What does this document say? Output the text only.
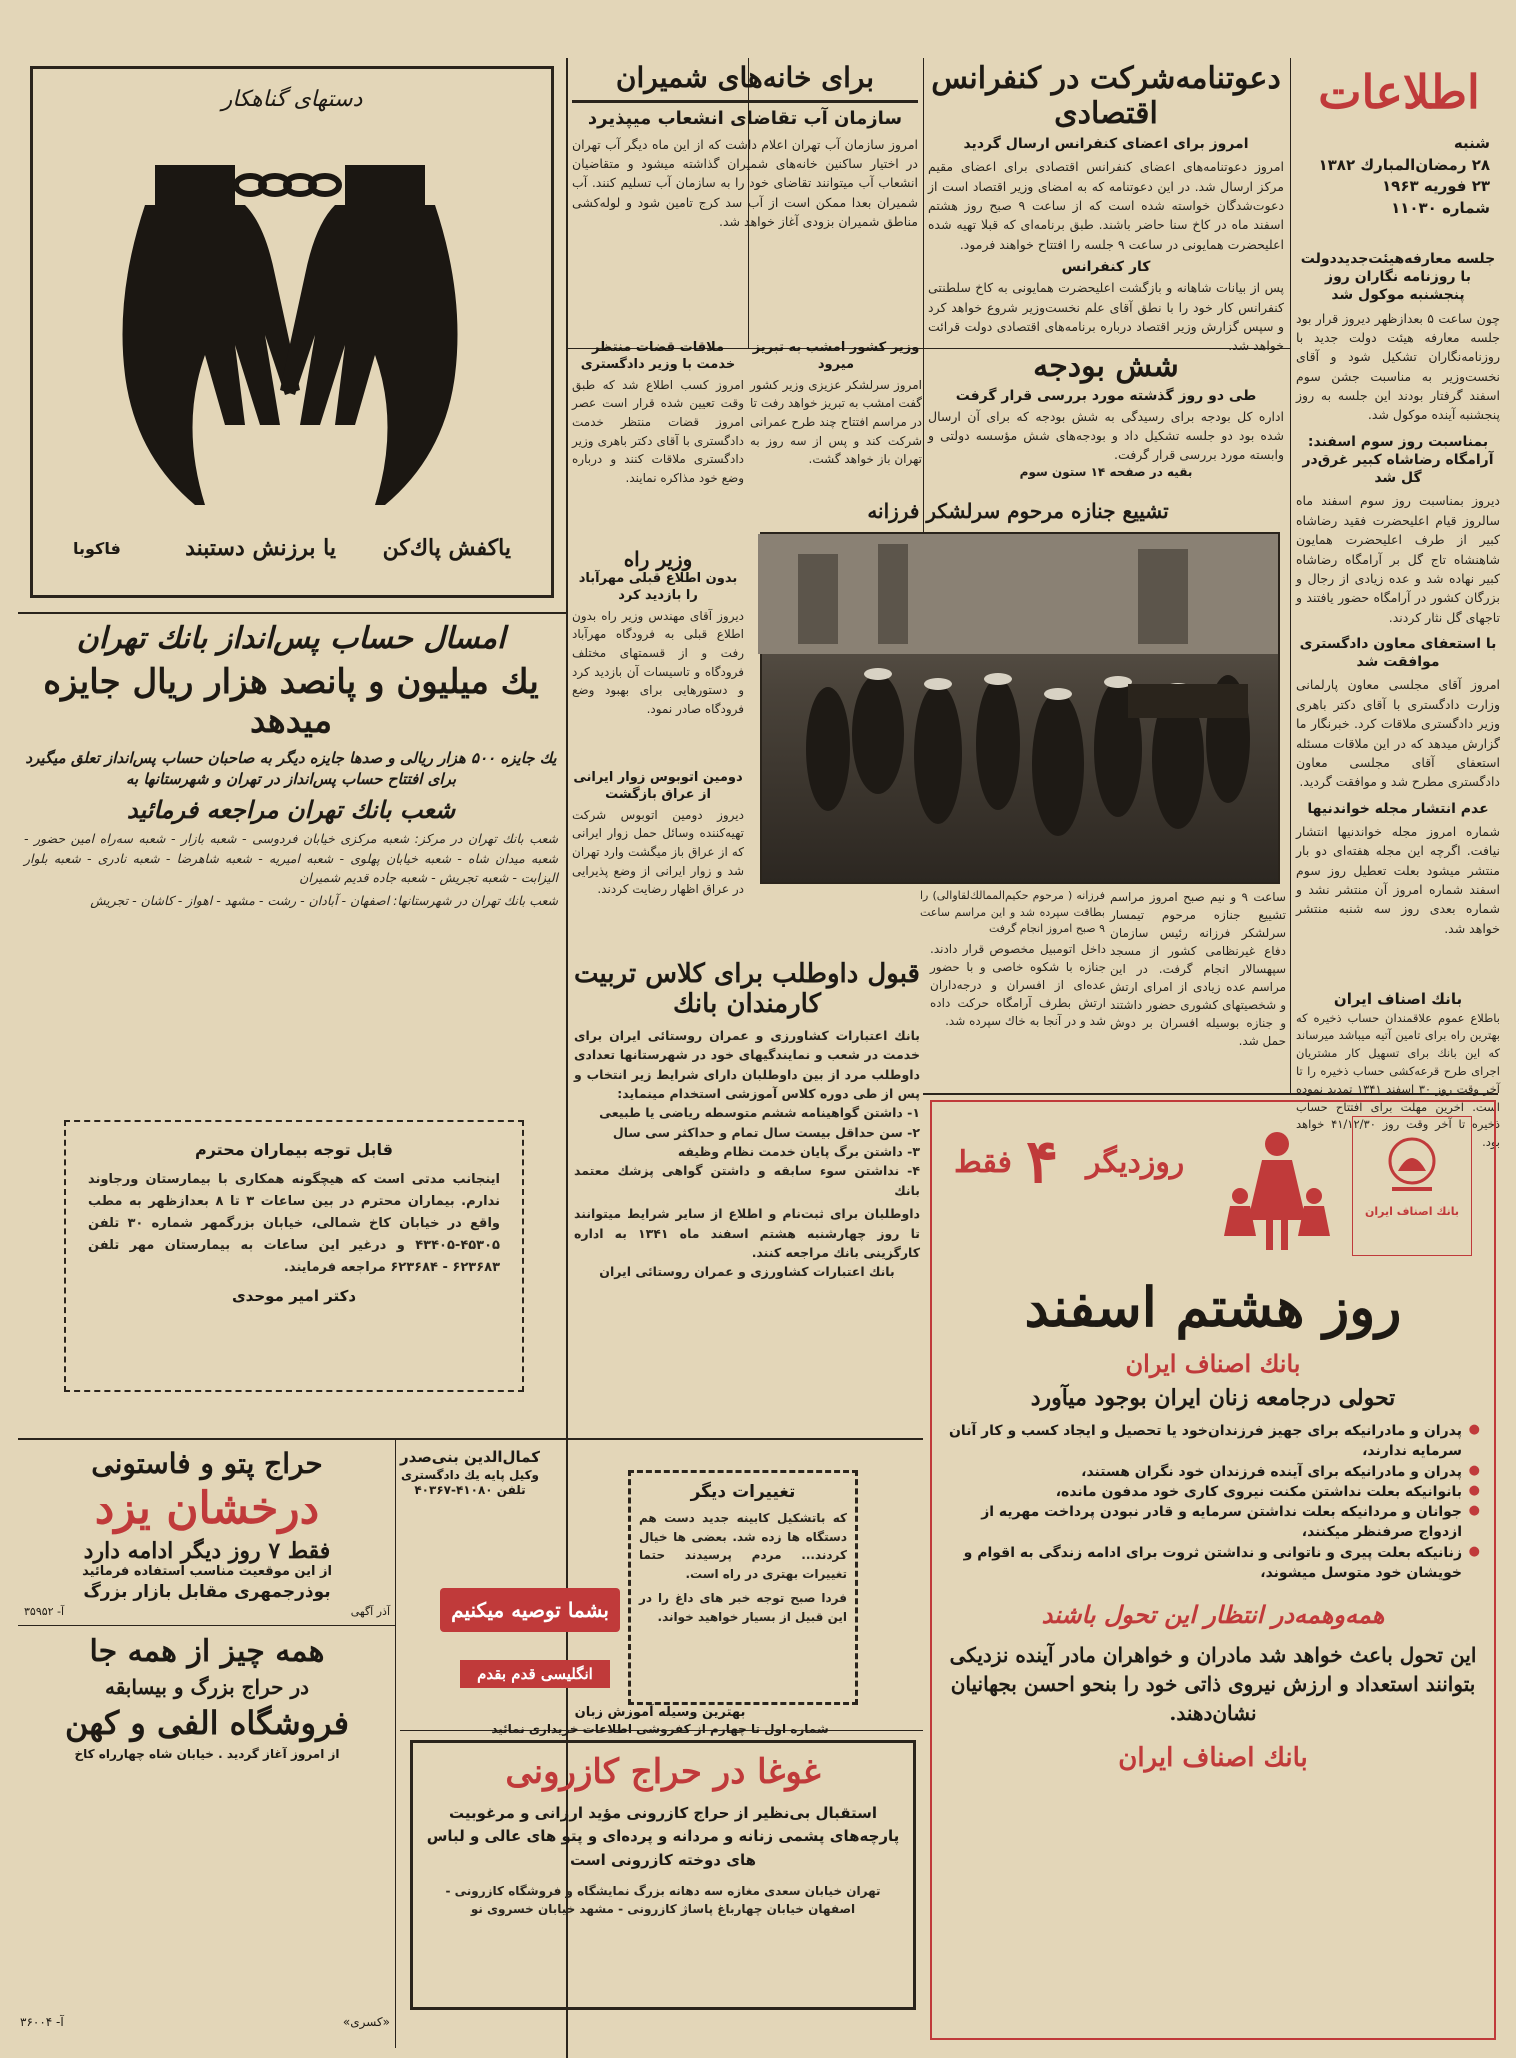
اطلاعات
شنبه
۲۸ رمضان‌المبارك ۱۳۸۲
۲۳ فوریه ۱۹۶۳
شماره ۱۱۰۳۰
جلسه معارفه‌هیئت‌جدیددولت با روزنامه نگاران روز پنجشنبه موكول شد
چون ساعت ۵ بعدازظهر دیروز قرار بود جلسه معارفه هیئت دولت جدید با روزنامه‌نگاران تشكیل شود و آقای نخست‌وزیر به مناسبت جشن سوم اسفند گرفتار بودند این جلسه به روز پنجشنبه آینده موكول شد.
بمناسبت روز سوم اسفند: آرامگاه رضاشاه كبیر غرق‌در گل شد
دیروز بمناسبت روز سوم اسفند ماه سالروز قیام اعلیحضرت فقید رضاشاه كبیر از طرف اعلیحضرت همایون شاهنشاه تاج گل بر آرامگاه رضاشاه كبیر نهاده شد و عده زیادی از رجال و بزرگان كشور در آرامگاه حضور یافتند و تاجهای گل نثار كردند.
با استعفای معاون دادگستری موافقت شد
امروز آقای مجلسی معاون پارلمانی وزارت دادگستری با آقای دكتر باهری وزیر دادگستری ملاقات كرد. خبرنگار ما گزارش میدهد كه در این ملاقات مسئله استعفای آقای مجلسی معاون دادگستری مطرح شد و موافقت گردید.
عدم انتشار مجله خواندنیها
شماره امروز مجله خواندنیها انتشار نیافت. اگرچه این مجله هفته‌ای دو بار منتشر میشود بعلت تعطیل روز سوم اسفند شماره امروز آن منتشر نشد و شماره بعدی روز سه شنبه منتشر خواهد شد.
دعوتنامه‌شركت در كنفرانس اقتصادی
امروز برای اعضای كنفرانس ارسال گردید
امروز دعوتنامه‌های اعضای كنفرانس اقتصادی برای اعضای مقیم مركز ارسال شد. در این دعوتنامه كه به امضای وزیر اقتصاد است از دعوت‌شدگان خواسته شده است كه از ساعت ۹ صبح روز هشتم اسفند ماه در كاخ سنا حاضر باشند. طبق برنامه‌ای كه قبلا تهیه شده اعلیحضرت همایونی در ساعت ۹ جلسه را افتتاح خواهند فرمود.
كار كنفرانس
پس از بیانات شاهانه و بازگشت اعلیحضرت همایونی به كاخ سلطنتی كنفرانس كار خود را با نطق آقای علم نخست‌وزیر شروع خواهد كرد و سپس گزارش وزیر اقتصاد درباره برنامه‌های اقتصادی دولت قرائت خواهد شد.
شش بودجه
طی دو روز گذشته مورد بررسی قرار گرفت
اداره كل بودجه برای رسیدگی به شش بودجه كه برای آن ارسال شده بود دو جلسه تشكیل داد و بودجه‌های شش مؤسسه دولتی و وابسته مورد بررسی قرار گرفت.
بقیه در صفحه ۱۴ ستون سوم
برای خانه‌های شمیران
سازمان آب تقاضای انشعاب میپذیرد
امروز سازمان آب تهران اعلام داشت كه از این ماه دیگر آب تهران در اختیار ساكنین خانه‌های شمیران گذاشته میشود و متقاضیان انشعاب آب میتوانند تقاضای خود را به سازمان آب تسلیم كنند. آب شمیران بعدا ممكن است از آب سد كرج تامین شود و لوله‌كشی مناطق شمیران بزودی آغاز خواهد شد.
وزیر كشور امشب به تبریز میرود
امروز سرلشكر عزیزی وزیر كشور گفت امشب به تبریز خواهد رفت تا در مراسم افتتاح چند طرح عمرانی شركت كند و پس از سه روز به تهران باز خواهد گشت.
ملاقات قضات منتظر خدمت با وزیر دادگستری
امروز كسب اطلاع شد كه طبق وقت تعیین شده قرار است عصر امروز قضات منتظر خدمت دادگستری با آقای دكتر باهری وزیر دادگستری ملاقات كنند و درباره وضع خود مذاكره نمایند.
وزیر راه
بدون اطلاع قبلی مهرآباد را بازدید كرد
دیروز آقای مهندس وزیر راه بدون اطلاع قبلی به فرودگاه مهرآباد رفت و از قسمتهای مختلف فرودگاه و تاسیسات آن بازدید كرد و دستورهایی برای بهبود وضع فرودگاه صادر نمود.
دومین اتوبوس زوار ایرانی از عراق بازگشت
دیروز دومین اتوبوس شركت تهیه‌كننده وسائل حمل زوار ایرانی كه از عراق باز میگشت وارد تهران شد و زوار ایرانی از وضع پذیرایی در عراق اظهار رضایت كردند.
تشییع جنازه مرحوم سرلشكر فرزانه
فرزانه ( مرحوم حكیم‌الممالك‌لقاوالی) را بطاقت سپرده شد و این مراسم ساعت ۹ صبح امروز انجام گرفت
ساعت ۹ و نیم صبح امروز مراسم تشییع جنازه مرحوم تیمسار سرلشكر فرزانه رئیس سازمان دفاع غیرنظامی كشور از مسجد سپهسالار انجام گرفت. در این مراسم عده زیادی از امرای ارتش و شخصیتهای كشوری حضور داشتند و جنازه بوسیله افسران بر دوش حمل شد.
داخل اتومبیل مخصوص قرار دادند. جنازه با شكوه خاصی و با حضور عده‌ای از افسران و درجه‌داران ارتش بطرف آرامگاه حركت داده شد و در آنجا به خاك سپرده شد.
بانك اصناف ایران
باطلاع عموم علاقمندان حساب ذخیره كه بهترین راه برای تامین آتیه میباشد میرساند كه این بانك برای تسهیل كار مشتریان اجرای طرح قرعه‌كشی حساب ذخیره را تا آخر وقت روز ۳۰ اسفند ۱۳۴۱ تمدید نموده است. آخرین مهلت برای افتتاح حساب ذخیره تا آخر وقت روز ۴۱/۱۲/۳۰ خواهد بود.
دستهای گناهكار
یاكفش پاك‌كن
یا برزنش دستبند
فاكوبا
امسال حساب پس‌انداز بانك تهران
یك میلیون و پانصد هزار ریال جایزه میدهد
یك جایزه ۵۰۰ هزار ریالی و صدها جایزه دیگر به صاحبان حساب پس‌انداز تعلق میگیرد
برای افتتاح حساب پس‌انداز در تهران و شهرستانها به
شعب بانك تهران مراجعه فرمائید
شعب بانك تهران در مركز: شعبه مركزی خیابان فردوسی - شعبه بازار - شعبه سه‌راه امین حضور - شعبه میدان شاه - شعبه خیابان پهلوی - شعبه امیریه - شعبه شاهرضا - شعبه نادری - شعبه بلوار الیزابت - شعبه تجریش - شعبه جاده قدیم شمیران
شعب بانك تهران در شهرستانها: اصفهان - آبادان - رشت - مشهد - اهواز - كاشان - تجریش
قابل توجه بیماران محترم
اینجانب مدتی است كه هیچگونه همكاری با بیمارستان ورجاوند ندارم. بیماران محترم در بین ساعات ۳ تا ۸ بعدازظهر به مطب واقع در خیابان كاخ شمالی، خیابان بزرگمهر شماره ۳۰ تلفن ۴۵۳۰۵-۴۳۴۰۵ و درغیر این ساعات به بیمارستان مهر تلفن ۶۲۳۶۸۳ - ۶۲۳۶۸۴ مراجعه فرمایند.
دكتر امیر موحدی
قبول داوطلب برای كلاس تربیت كارمندان بانك
بانك اعتبارات كشاورزی و عمران روستائی ایران برای خدمت در شعب و نمایندگیهای خود در شهرستانها تعدادی داوطلب مرد از بین داوطلبان دارای شرایط زیر انتخاب و پس از طی دوره كلاس آموزشی استخدام مینماید:
۱- داشتن گواهینامه ششم متوسطه ریاضی یا طبیعی
۲- سن حداقل بیست سال تمام و حداكثر سی سال
۳- داشتن برگ پایان خدمت نظام وظیفه
۴- نداشتن سوء سابقه و داشتن گواهی پزشك معتمد بانك
داوطلبان برای ثبت‌نام و اطلاع از سایر شرایط میتوانند تا روز چهارشنبه هشتم اسفند ماه ۱۳۴۱ به اداره كارگزینی بانك مراجعه كنند.
بانك اعتبارات كشاورزی و عمران روستائی ایران
فقط ۴ روزدیگر
بانك اصناف ایران
روز هشتم اسفند
بانك اصناف ایران
تحولی درجامعه زنان ایران بوجود میآورد
● پدران و مادرانیكه برای جهیز فرزندان‌خود یا تحصیل و ایجاد كسب و كار آنان سرمایه ندارند،
● پدران و مادرانیكه برای آینده فرزندان خود نگران هستند،
● بانوانیكه بعلت نداشتن مكنت نیروی كاری خود مدفون مانده،
● جوانان و مردانیكه بعلت نداشتن سرمایه و قادر نبودن پرداخت مهریه از ازدواج صرفنظر میكنند،
● زنانیكه بعلت پیری و ناتوانی و نداشتن ثروت برای ادامه زندگی به اقوام و خویشان خود متوسل میشوند،
همه‌وهمه‌در انتظار این تحول باشند
این تحول باعث خواهد شد مادران و خواهران مادر آینده نزدیكی بتوانند استعداد و ارزش نیروی ذاتی خود را بنحو احسن بجهانیان نشان‌دهند.
بانك اصناف ایران
حراج پتو و فاستونی
درخشان یزد
فقط ۷ روز دیگر ادامه دارد
از این موقعیت مناسب استفاده فرمائید
بوذرجمهری مقابل بازار بزرگ
آذر آگهی
آ- ۳۵۹۵۲
همه چیز از همه جا
در حراج بزرگ و بیسابقه
فروشگاه الفی و كهن
از امروز آغاز گردید . خیابان شاه چهارراه كاخ
كمال‌الدین بنی‌صدر
وكیل پایه یك دادگستری
تلفن ۴۱۰۸۰-۴۰۳۶۷	تغییرات دیگر
كه باتشكیل كابینه جدید دست هم دستگاه ها زده شد. بعضی ها خیال كردند... مردم پرسیدند حتما تغییرات بهتری در راه است.
فردا صبح توجه خبر های داغ را در این قبیل از بسیار خواهید خواند.
بشما توصیه میكنیم
انگلیسی قدم بقدم
بهترین وسیله آموزش زبان
شماره اول تا چهارم از كفروشی اطلاعات خریداری نمائید
غوغا در حراج كازرونی
استقبال بی‌نظیر از حراج كازرونی مؤید ارزانی و مرغوبیت پارچه‌های پشمی زنانه و مردانه و پرده‌ای و پتو های عالی و لباس های دوخته كازرونی است
تهران خیابان سعدی مغازه سه دهانه بزرگ نمایشگاه و فروشگاه كازرونی - اصفهان خیابان چهارباغ پاساژ كازرونی - مشهد خیابان خسروی نو
«كسری»
آ- ۳۶۰۰۴
